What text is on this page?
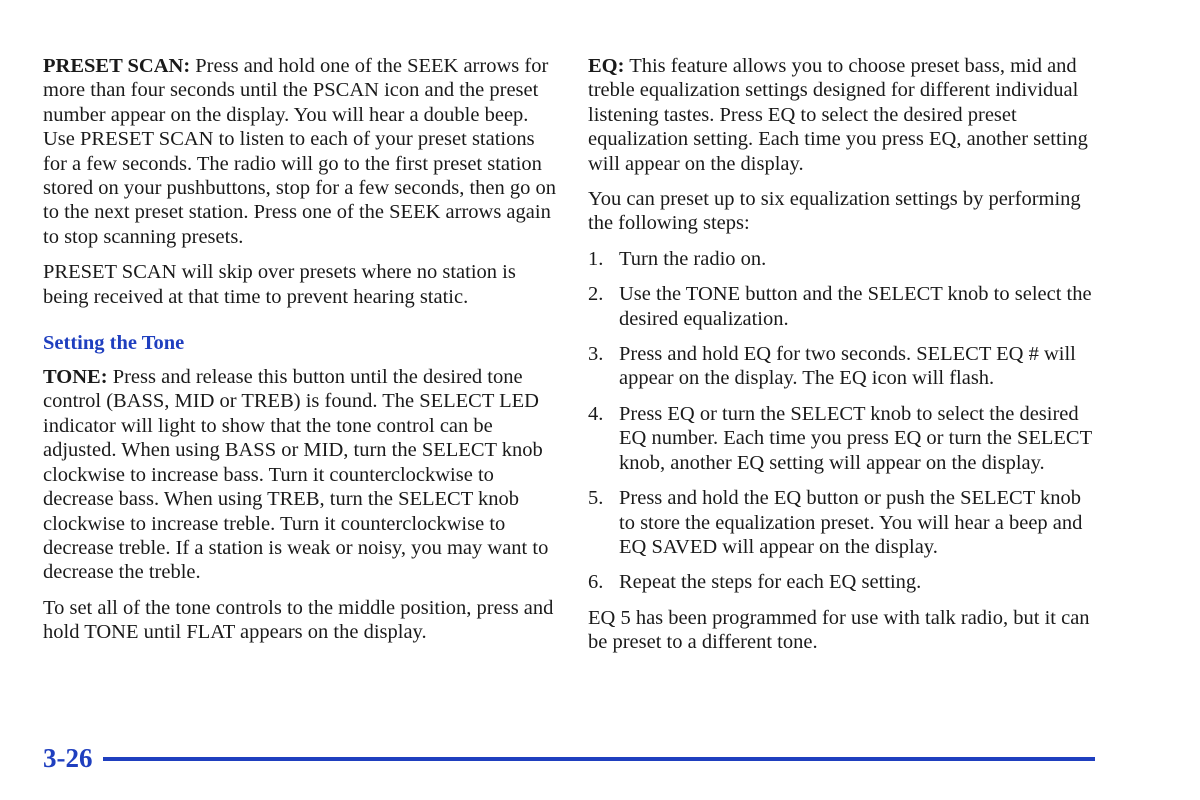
PRESET SCAN: Press and hold one of the SEEK arrows for more than four seconds until the PSCAN icon and the preset number appear on the display. You will hear a double beep. Use PRESET SCAN to listen to each of your preset stations for a few seconds. The radio will go to the first preset station stored on your pushbuttons, stop for a few seconds, then go on to the next preset station. Press one of the SEEK arrows again to stop scanning presets.

PRESET SCAN will skip over presets where no station is being received at that time to prevent hearing static.

Setting the Tone

TONE: Press and release this button until the desired tone control (BASS, MID or TREB) is found. The SELECT LED indicator will light to show that the tone control can be adjusted. When using BASS or MID, turn the SELECT knob clockwise to increase bass. Turn it counterclockwise to decrease bass. When using TREB, turn the SELECT knob clockwise to increase treble. Turn it counterclockwise to decrease treble. If a station is weak or noisy, you may want to decrease the treble.

To set all of the tone controls to the middle position, press and hold TONE until FLAT appears on the display.

EQ: This feature allows you to choose preset bass, mid and treble equalization settings designed for different individual listening tastes. Press EQ to select the desired preset equalization setting. Each time you press EQ, another setting will appear on the display.

You can preset up to six equalization settings by performing the following steps:

1. Turn the radio on.
2. Use the TONE button and the SELECT knob to select the desired equalization.
3. Press and hold EQ for two seconds. SELECT EQ # will appear on the display. The EQ icon will flash.
4. Press EQ or turn the SELECT knob to select the desired EQ number. Each time you press EQ or turn the SELECT knob, another EQ setting will appear on the display.
5. Press and hold the EQ button or push the SELECT knob to store the equalization preset. You will hear a beep and EQ SAVED will appear on the display.
6. Repeat the steps for each EQ setting.

EQ 5 has been programmed for use with talk radio, but it can be preset to a different tone.

3-26
